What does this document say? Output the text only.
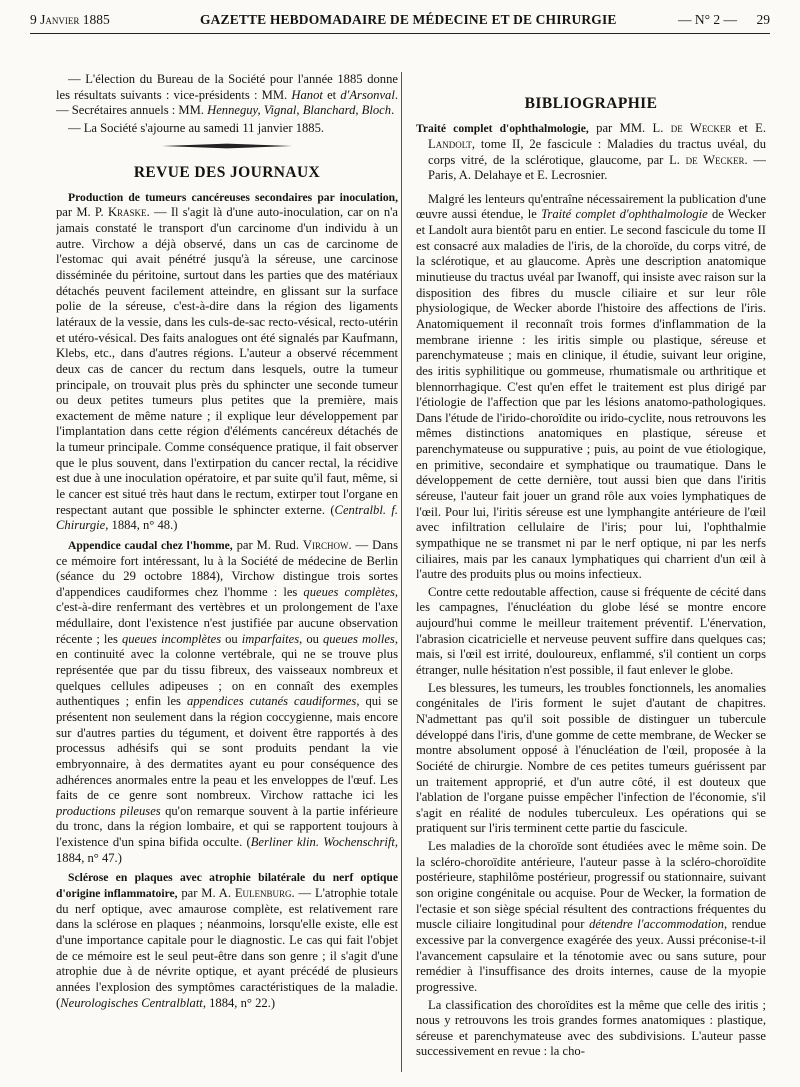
9 Janvier 1885	GAZETTE HEBDOMADAIRE DE MÉDECINE ET DE CHIRURGIE	— N° 2 — 29

— L'élection du Bureau de la Société pour l'année 1885 donne les résultats suivants : vice-présidents : MM. Hanot et d'Arsonval. — Secrétaires annuels : MM. Henneguy, Vignal, Blanchard, Bloch.

— La Société s'ajourne au samedi 11 janvier 1885.

REVUE DES JOURNAUX

Production de tumeurs cancéreuses secondaires par inoculation, par M. P. Kraske. — Il s'agit là d'une auto-inoculation, car on n'a jamais constaté le transport d'un carcinome d'un individu à un autre. Virchow a déjà observé, dans un cas de carcinome de l'estomac qui avait pénétré jusqu'à la séreuse, une carcinose disséminée du péritoine, surtout dans les parties que des matériaux détachés peuvent facilement atteindre, en glissant sur la surface polie de la séreuse, c'est-à-dire dans la région des ligaments latéraux de la vessie, dans les culs-de-sac recto-vésical, recto-utérin et utéro-vésical. Des faits analogues ont été signalés par Kaufmann, Klebs, etc., dans d'autres régions. L'auteur a observé récemment deux cas de cancer du rectum dans lesquels, outre la tumeur principale, on trouvait plus près du sphincter une seconde tumeur ou deux petites tumeurs plus petites que la première, mais exactement de même nature ; il explique leur développement par l'implantation dans cette région d'éléments cancéreux détachés de la tumeur principale. Comme conséquence pratique, il fait observer que le plus souvent, dans l'extirpation du cancer rectal, la récidive est due à une inoculation opératoire, et par suite qu'il faut, même, si le cancer est situé très haut dans le rectum, extirper tout l'organe en respectant autant que possible le sphincter externe. (Centralbl. f. Chirurgie, 1884, n° 48.)

Appendice caudal chez l'homme, par M. Rud. Virchow. — Dans ce mémoire fort intéressant, lu à la Société de médecine de Berlin (séance du 29 octobre 1884), Virchow distingue trois sortes d'appendices caudiformes chez l'homme : les queues complètes, c'est-à-dire renfermant des vertèbres et un prolongement de l'axe médullaire, dont l'existence n'est justifiée par aucune observation récente ; les queues incomplètes ou imparfaites, ou queues molles, en continuité avec la colonne vertébrale, qui ne se trouve plus représentée que par du tissu fibreux, des vaisseaux nombreux et quelques cellules adipeuses ; on en connaît des exemples authentiques ; enfin les appendices cutanés caudiformes, qui se présentent non seulement dans la région coccygienne, mais encore sur d'autres parties du tégument, et doivent être rapportés à des processus adhésifs qui se sont produits pendant la vie embryonnaire, à des dermatites ayant eu pour conséquence des adhérences anormales entre la peau et les enveloppes de l'œuf. Les faits de ce genre sont nombreux. Virchow rattache ici les productions pileuses qu'on remarque souvent à la partie inférieure du tronc, dans la région lombaire, et qui se rapportent toujours à l'existence d'un spina bifida occulte. (Berliner klin. Wochenschrift, 1884, n° 47.)

Sclérose en plaques avec atrophie bilatérale du nerf optique d'origine inflammatoire, par M. A. Eulenburg. — L'atrophie totale du nerf optique, avec amaurose complète, est relativement rare dans la sclérose en plaques ; néanmoins, lorsqu'elle existe, elle est d'une importance capitale pour le diagnostic. Le cas qui fait l'objet de ce mémoire est le seul peut-être dans son genre ; il s'agit d'une atrophie due à de névrite optique, et ayant précédé de plusieurs années l'explosion des symptômes caractéristiques de la maladie. (Neurologisches Centralblatt, 1884, n° 22.)

BIBLIOGRAPHIE

Traité complet d'ophthalmologie, par MM. L. de Wecker et E. Landolt, tome II, 2e fascicule : Maladies du tractus uvéal, du corps vitré, de la sclérotique, glaucome, par L. de Wecker. — Paris, A. Delahaye et E. Lecrosnier.

Malgré les lenteurs qu'entraîne nécessairement la publication d'une œuvre aussi étendue, le Traité complet d'ophthalmologie de Wecker et Landolt aura bientôt paru en entier. Le second fascicule du tome II est consacré aux maladies de l'iris, de la choroïde, du corps vitré, de la sclérotique, et au glaucome. Après une description anatomique minutieuse du tractus uvéal par Iwanoff, qui insiste avec raison sur la disposition des fibres du muscle ciliaire et sur leur rôle physiologique, de Wecker aborde l'histoire des affections de l'iris. Anatomiquement il reconnaît trois formes d'inflammation de la membrane irienne : les iritis simple ou plastique, séreuse et parenchymateuse ; mais en clinique, il étudie, suivant leur origine, des iritis syphilitique ou gommeuse, rhumatismale ou arthritique et blennorrhagique. C'est qu'en effet le traitement est plus dirigé par l'étiologie de l'affection que par les lésions anatomo-pathologiques. Dans l'étude de l'irido-choroïdite ou irido-cyclite, nous retrouvons les mêmes distinctions anatomiques en plastique, séreuse et parenchymateuse ou suppurative ; puis, au point de vue étiologique, en primitive, secondaire et symphatique ou traumatique. Dans le développement de cette dernière, tout aussi bien que dans l'iritis séreuse, l'auteur fait jouer un grand rôle aux voies lymphatiques de l'œil. Pour lui, l'iritis séreuse est une lymphangite antérieure de l'œil avec infiltration cellulaire de l'iris; pour lui, l'ophthalmie sympathique ne se transmet ni par le nerf optique, ni par les nerfs ciliaires, mais par les canaux lymphatiques qui charrient d'un œil à l'autre des produits plus ou moins infectieux.

Contre cette redoutable affection, cause si fréquente de cécité dans les campagnes, l'énucléation du globe lésé se montre encore aujourd'hui comme le meilleur traitement préventif. L'énervation, l'abrasion cicatricielle et nerveuse peuvent suffire dans quelques cas; mais, si l'œil est irrité, douloureux, enflammé, s'il contient un corps étranger, nulle hésitation n'est possible, il faut enlever le globe.

Les blessures, les tumeurs, les troubles fonctionnels, les anomalies congénitales de l'iris forment le sujet d'autant de chapitres. N'admettant pas qu'il soit possible de distinguer un tubercule développé dans l'iris, d'une gomme de cette membrane, de Wecker se montre absolument opposé à l'énucléation de l'œil, proposée à la Société de chirurgie. Nombre de ces petites tumeurs guérissent par un traitement approprié, et d'un autre côté, il est douteux que l'ablation de l'organe puisse empêcher l'infection de l'économie, s'il s'agit en réalité de nodules tuberculeux. Les opérations qui se pratiquent sur l'iris terminent cette partie du fascicule.

Les maladies de la choroïde sont étudiées avec le même soin. De la scléro-choroïdite antérieure, l'auteur passe à la scléro-choroïdite postérieure, staphilôme postérieur, progressif ou stationnaire, suivant son origine congénitale ou acquise. Pour de Wecker, la formation de l'ectasie et son siège spécial résultent des contractions fréquentes du muscle ciliaire longitudinal pour détendre l'accommodation, rendue excessive par la convergence exagérée des yeux. Aussi préconise-t-il l'avancement capsulaire et la ténotomie avec ou sans suture, pour remédier à l'insuffisance des droits internes, cause de la myopie progressive.

La classification des choroïdites est la même que celle des iritis ; nous y retrouvons les trois grandes formes anatomiques : plastique, séreuse et parenchymateuse avec des subdivisions. L'auteur passe successivement en revue : la cho-
